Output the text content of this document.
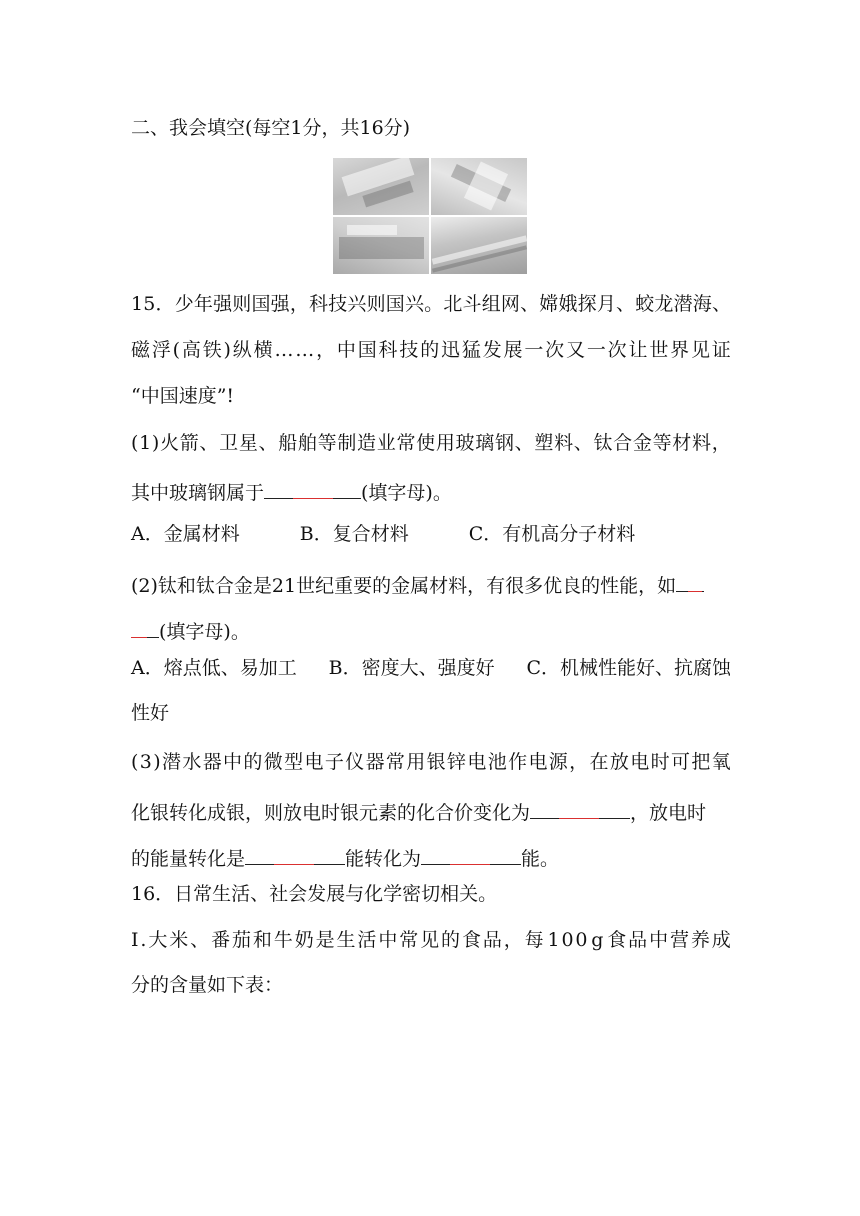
二、我会填空(每空1分，共16分)
1 5 ． 少 年 强 则 国 强 ， 科 技 兴 则 国 兴 。 北 斗 组 网 、 嫦 娥 探 月 、 蛟 龙 潜 海 、
磁 浮 ( 高 铁 ) 纵 横 … … ， 中 国 科 技 的 迅 猛 发 展 一 次 又 一 次 让 世 界 见 证
“中国速度”!
( 1 ) 火 箭 、 卫 星 、 船 舶 等 制 造 业 常 使 用 玻 璃 钢 、 塑 料 、 钛 合 金 等 材 料 ，
其中玻璃钢属于	(填字母)。
A．金属材料	B．复合材料	C．有机高分子材料
(2)钛和钛合金是21世纪重要的金属材料，有很多优良的性能，如
(填字母)。
A．熔点低、易加工 B．密度大、强度好 C．机械性能好、抗腐蚀
性好
( 3 ) 潜 水 器 中 的 微 型 电 子 仪 器 常 用 银 锌 电 池 作 电 源 ， 在 放 电 时 可 把 氧
化银转化成银，则放电时银元素的化合价变化为	，放电时
的能量转化是	能转化为	能。
16．日常生活、社会发展与化学密切相关。
Ⅰ . 大 米 、 番 茄 和 牛 奶 是 生 活 中 常 见 的 食 品 ， 每 1 0 0 g 食 品 中 营 养 成
分的含量如下表：
